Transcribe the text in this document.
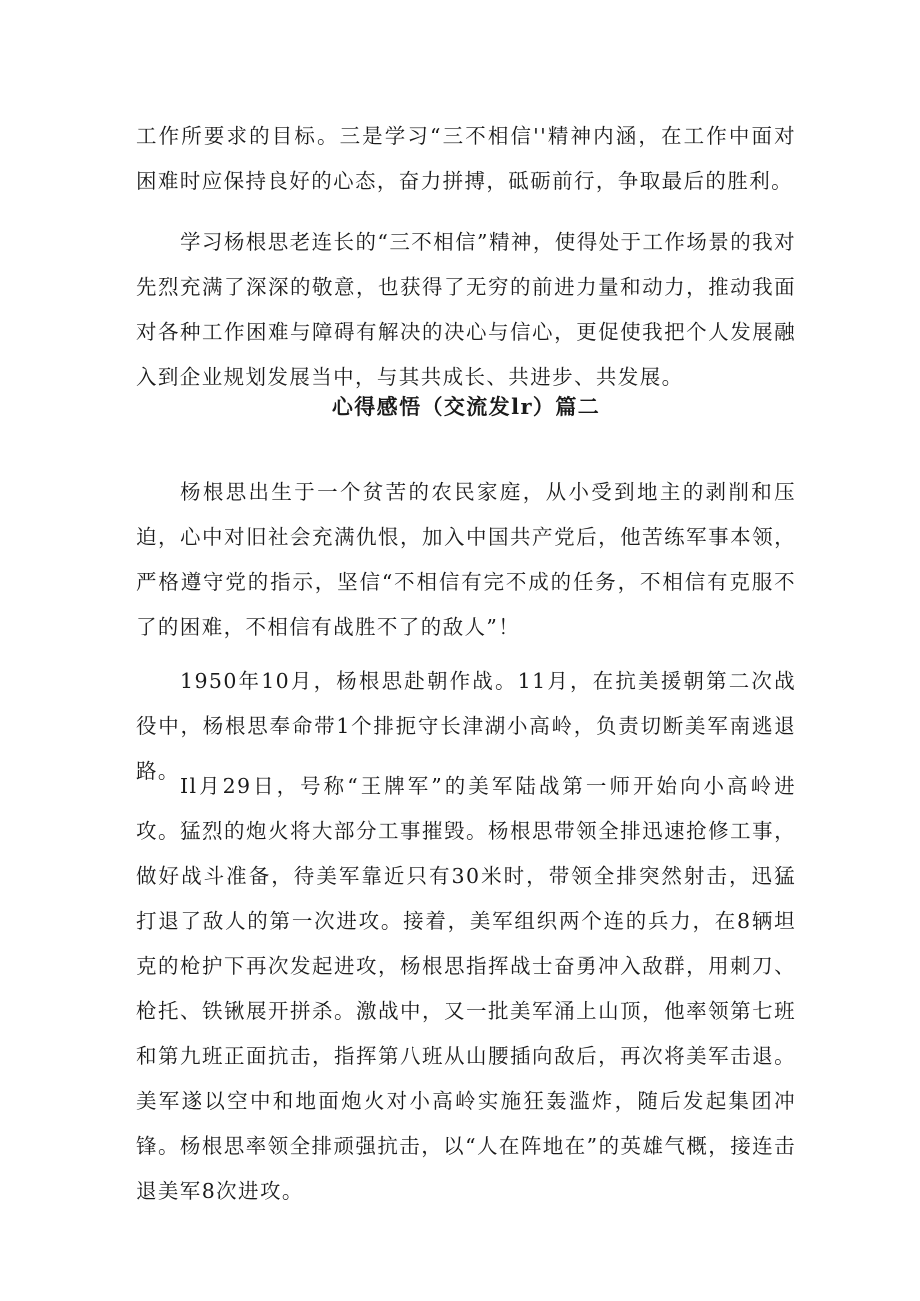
工作所要求的目标。三是学习“三不相信''精神内涵，在工作中面对困难时应保持良好的心态，奋力拼搏，砥砺前行，争取最后的胜利。

学习杨根思老连长的“三不相信”精神，使得处于工作场景的我对先烈充满了深深的敬意，也获得了无穷的前进力量和动力，推动我面对各种工作困难与障碍有解决的决心与信心，更促使我把个人发展融入到企业规划发展当中，与其共成长、共进步、共发展。

心得感悟（交流发lr）篇二

杨根思出生于一个贫苦的农民家庭，从小受到地主的剥削和压迫，心中对旧社会充满仇恨，加入中国共产党后，他苦练军事本领，严格遵守党的指示，坚信“不相信有完不成的任务，不相信有克服不了的困难，不相信有战胜不了的敌人”！

1950年10月，杨根思赴朝作战。11月，在抗美援朝第二次战役中，杨根思奉命带1个排扼守长津湖小高岭，负责切断美军南逃退路。

Il月29日，号称“王牌军”的美军陆战第一师开始向小高岭进攻。猛烈的炮火将大部分工事摧毁。杨根思带领全排迅速抢修工事，做好战斗准备，待美军靠近只有30米时，带领全排突然射击，迅猛打退了敌人的第一次进攻。接着，美军组织两个连的兵力，在8辆坦克的枪护下再次发起进攻，杨根思指挥战士奋勇冲入敌群，用刺刀、枪托、铁锹展开拼杀。激战中，又一批美军涌上山顶，他率领第七班和第九班正面抗击，指挥第八班从山腰插向敌后，再次将美军击退。美军遂以空中和地面炮火对小高岭实施狂轰滥炸，随后发起集团冲锋。杨根思率领全排顽强抗击，以“人在阵地在”的英雄气概，接连击退美军8次进攻。
